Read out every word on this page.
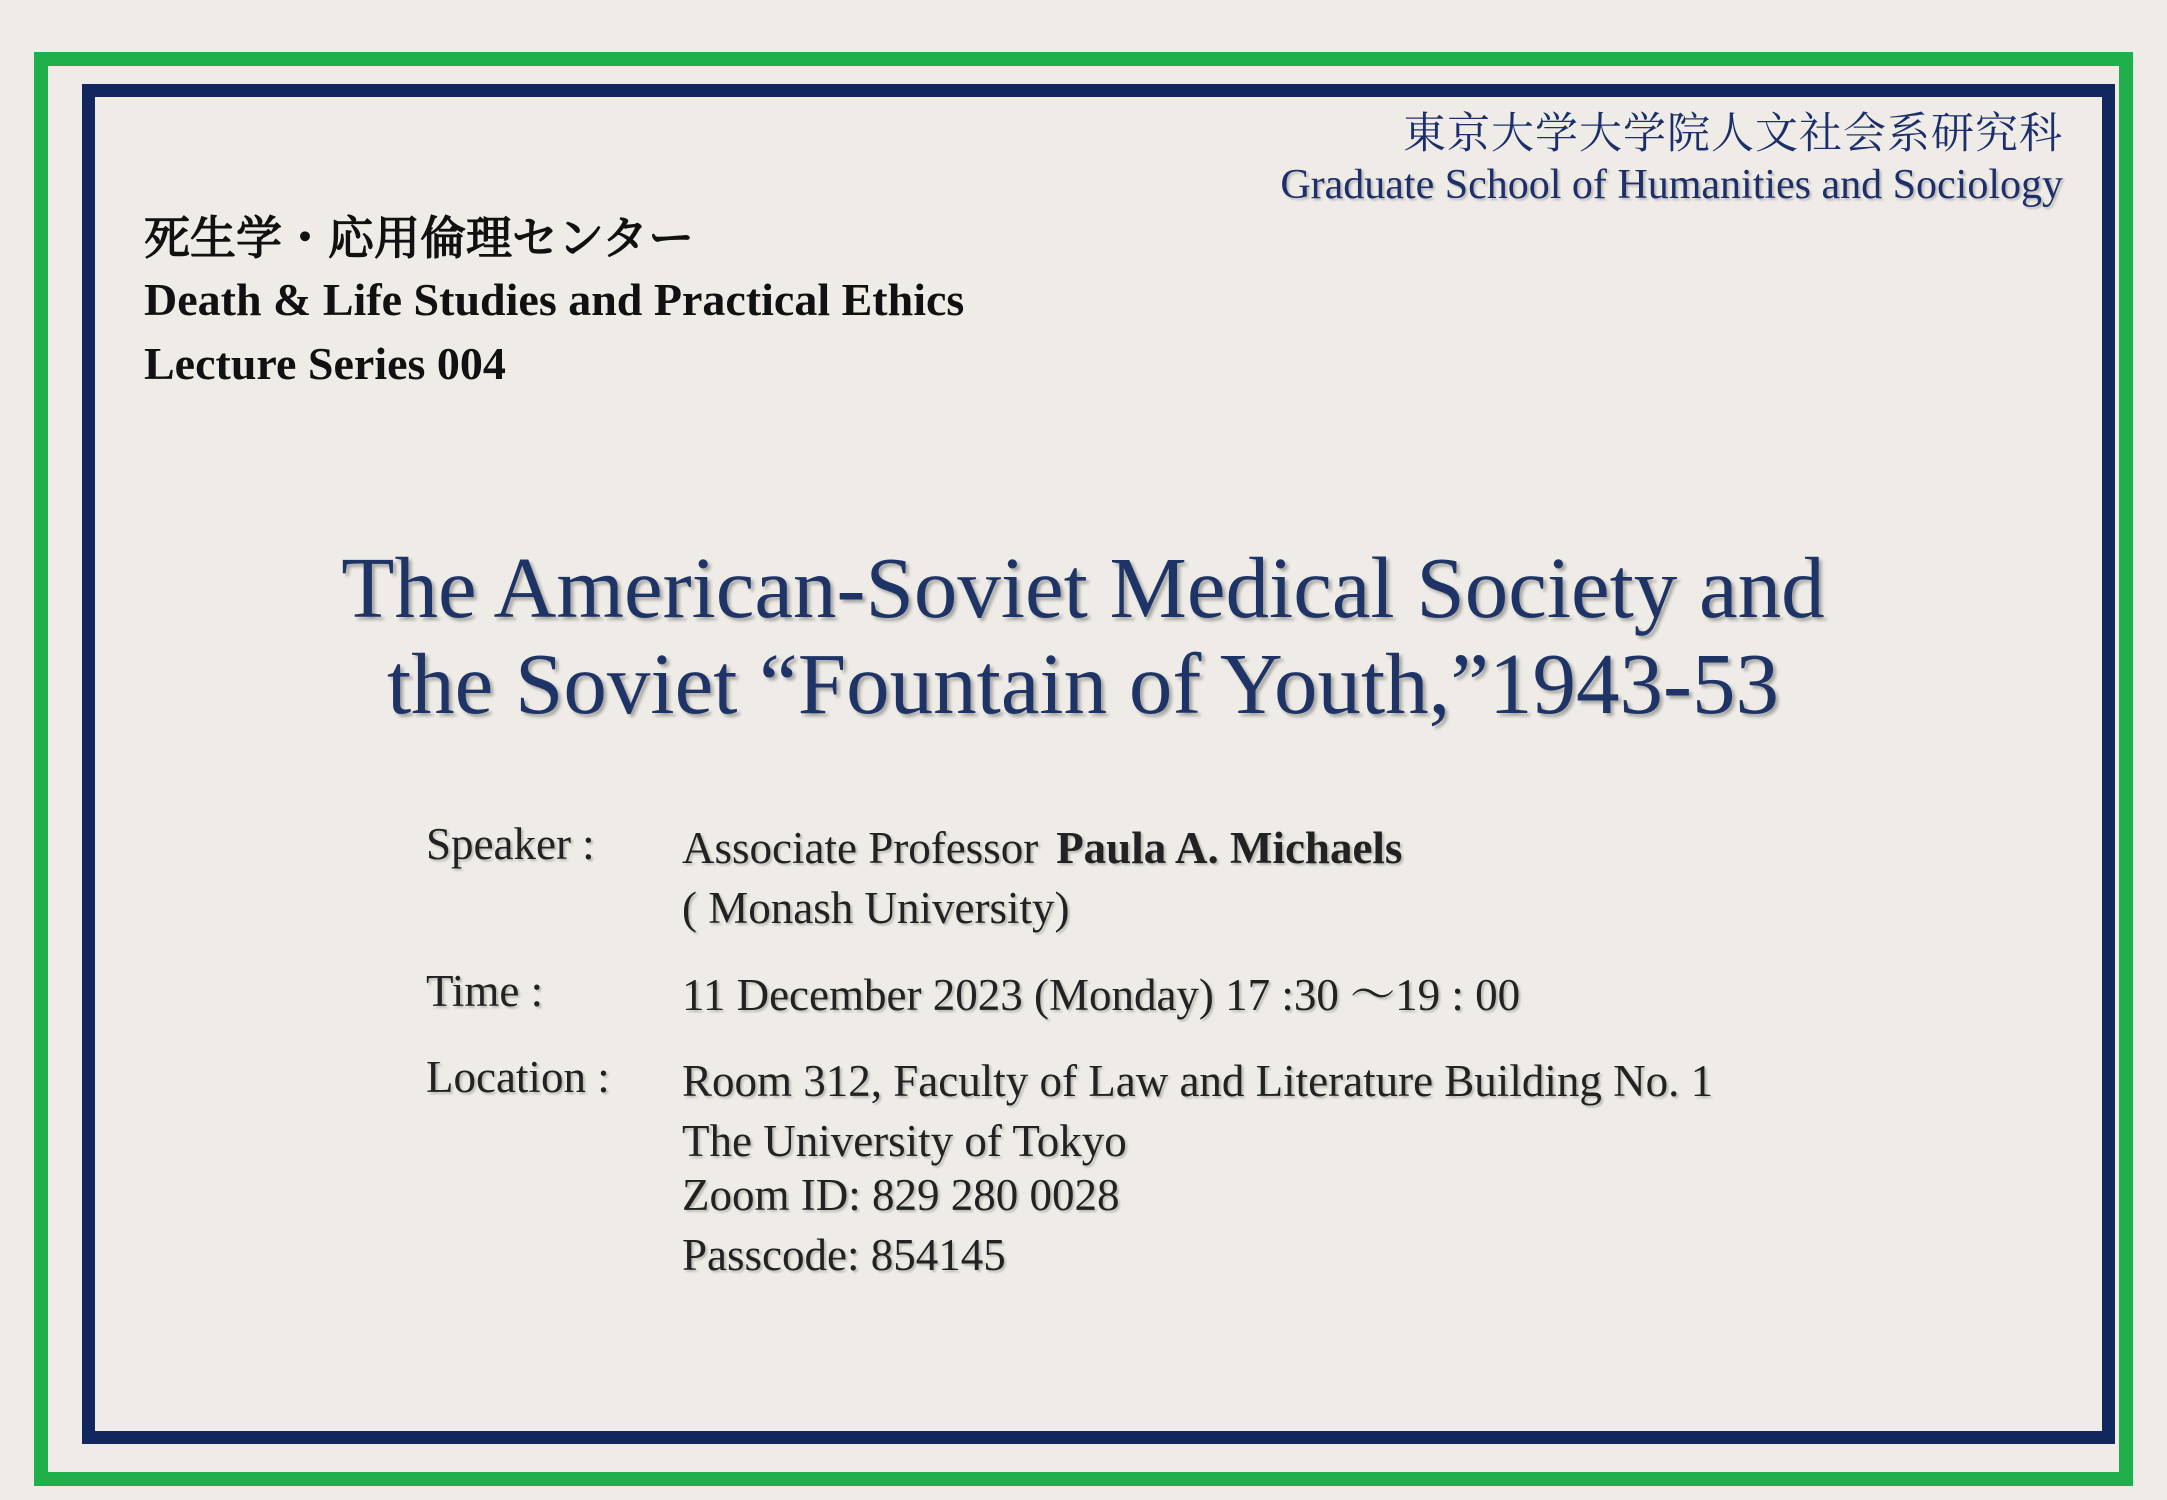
東京大学大学院人文社会系研究科
Graduate School of Humanities and Sociology
死生学・応用倫理センター
Death & Life Studies and Practical Ethics
Lecture Series 004
The American-Soviet Medical Society and
the Soviet “Fountain of Youth,”1943-53
Speaker :	Associate Professor Paula A. Michaels
( Monash University)
Time :	11 December 2023 (Monday) 17 :30 ～19 : 00
Location :	Room 312, Faculty of Law and Literature Building No. 1
The University of Tokyo
Zoom ID: 829 280 0028
Passcode: 854145
